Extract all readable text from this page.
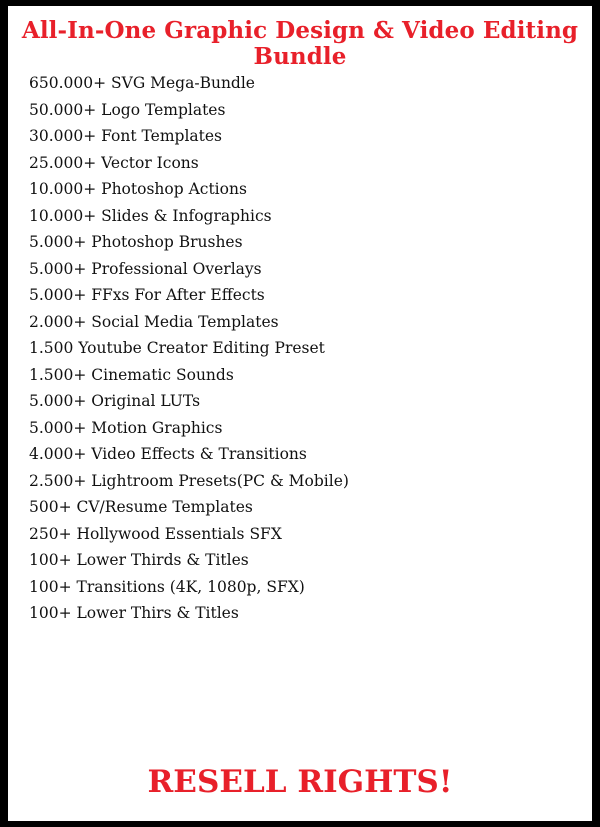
All-In-One Graphic Design & Video Editing Bundle
650.000+ SVG Mega-Bundle
50.000+ Logo Templates
30.000+ Font Templates
25.000+ Vector Icons
10.000+ Photoshop Actions
10.000+ Slides & Infographics
5.000+ Photoshop Brushes
5.000+ Professional Overlays
5.000+ FFxs For After Effects
2.000+ Social Media Templates
1.500 Youtube Creator Editing Preset
1.500+ Cinematic Sounds
5.000+ Original LUTs
5.000+ Motion Graphics
4.000+ Video Effects & Transitions
2.500+ Lightroom Presets(PC & Mobile)
500+ CV/Resume Templates
250+ Hollywood Essentials SFX
100+ Lower Thirds & Titles
100+ Transitions (4K, 1080p, SFX)
100+ Lower Thirs & Titles
RESELL RIGHTS!
